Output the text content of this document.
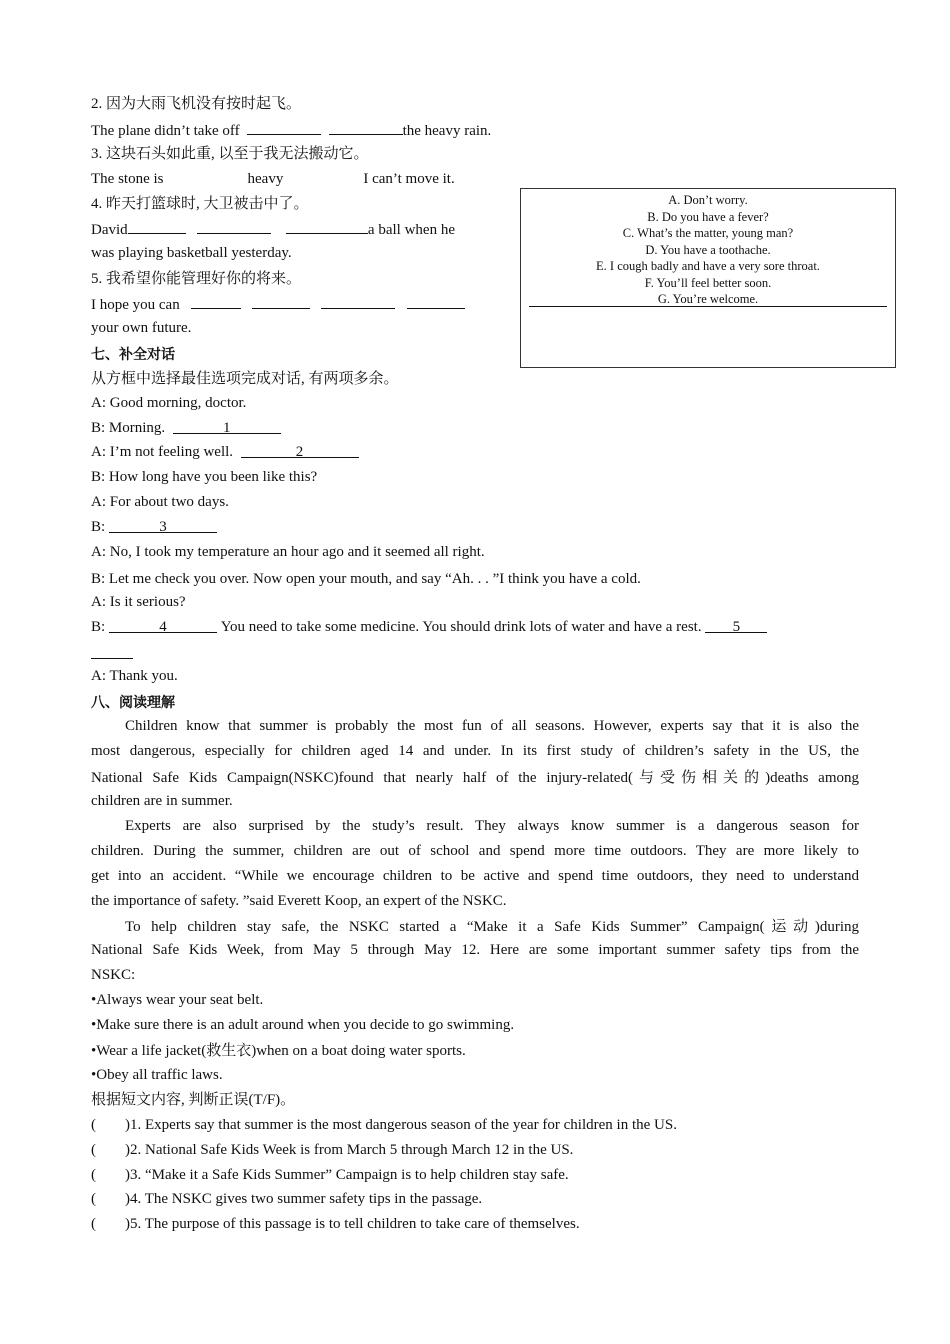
2. 因为大雨飞机没有按时起飞。
The plane didn’t take off	the heavy rain.
3. 这块石头如此重, 以至于我无法搬动它。
The stone is	heavy	I can’t move it.
4. 昨天打篮球时, 大卫被击中了。
David	a ball when he
was playing basketball yesterday.
5. 我希望你能管理好你的将来。
I hope you can
your own future.
A. Don’t worry.
B. Do you have a fever?
C. What’s the matter, young man?
D. You have a toothache.
E. I cough badly and have a very sore throat.
F. You’ll feel better soon.
G. You’re welcome.
七、补全对话
从方框中选择最佳选项完成对话, 有两项多余。
A: Good morning, doctor.
B: Morning.	1
A: I’m not feeling well.	2
B: How long have you been like this?
A: For about two days.
B:	3
A: No, I took my temperature an hour ago and it seemed all right.
B: Let me check you over. Now open your mouth, and say “Ah. . . ”I think you have a cold.
A: Is it serious?
B:	4	You need to take some medicine. You should drink lots of water and have a rest. 5
A: Thank you.
八、阅读理解
Children know that summer is probably the most fun of all seasons. However, experts say that it is also the
most dangerous, especially for children aged 14 and under. In its first study of children’s safety in the US, the
National Safe Kids Campaign(NSKC)found that nearly half of the injury-related(与受伤相关的)deaths among
children are in summer.
Experts are also surprised by the study’s result. They always know summer is a dangerous season for
children. During the summer, children are out of school and spend more time outdoors. They are more likely to
get into an accident. “While we encourage children to be active and spend time outdoors, they need to understand
the importance of safety. ”said Everett Koop, an expert of the NSKC.
To help children stay safe, the NSKC started a “Make it a Safe Kids Summer” Campaign(运动)during
National Safe Kids Week, from May 5 through May 12. Here are some important summer safety tips from the
NSKC:
•Always wear your seat belt.
•Make sure there is an adult around when you decide to go swimming.
•Wear a life jacket(救生衣)when on a boat doing water sports.
•Obey all traffic laws.
根据短文内容, 判断正误(T/F)。
( )1. Experts say that summer is the most dangerous season of the year for children in the US.
( )2. National Safe Kids Week is from March 5 through March 12 in the US.
( )3. “Make it a Safe Kids Summer” Campaign is to help children stay safe.
( )4. The NSKC gives two summer safety tips in the passage.
( )5. The purpose of this passage is to tell children to take care of themselves.
